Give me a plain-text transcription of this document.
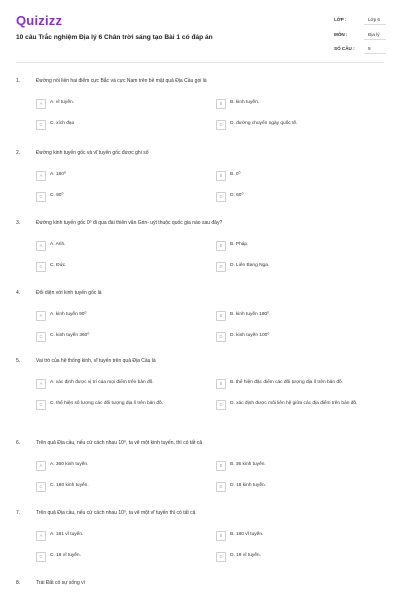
Quizizz
10 câu Trắc nghiệm Địa lý 6 Chân trời sáng tạo Bài 1 có đáp án
LỚP :	Lớp 6
MÔN :	Địa lý
SỐ CÂU :	9
1.	Đường nối liền hai điểm cực Bắc và cực Nam trên bề mặt quả Địa Cầu gọi là
A	A. vĩ tuyến.	B	B. kinh tuyến.
C	C. xích đạo	D	D. đường chuyển ngày quốc tế.
2.	Đường kinh tuyến gốc và vĩ tuyến gốc được ghi số
A	A. 180⁰	B	B. 0⁰
C	C. 90⁰	D	D. 60⁰
3.	Đường kinh tuyến gốc 0⁰ đi qua đài thiên văn Grin- uýt thuộc quốc gia nào sau đây?
A	A. Anh.	B	B. Pháp.
C	C. Đức.	D	D. Liên Bang Nga.
4.	Đối diện với kinh tuyến gốc là
A	A. kinh tuyến 90⁰	B	B. kinh tuyến 180⁰
C	C. kinh tuyến 360⁰	D	D. kinh tuyến 100⁰
5.	Vai trò của hệ thống kinh, vĩ tuyến trên quả Địa Cầu là
A	A. xác định được vị trí của mọi điểm trên bản đồ.	B	B. thể hiện đặc điểm các đối tượng địa lí trên bản đồ.
C	C. thể hiện số lượng các đối tượng địa lí trên bản đồ.	D	D. xác định được mối liên hệ giữa các địa điểm trên bản đồ.
6.	Trên quả Địa cầu, nếu cứ cách nhau 10⁰, ta vẽ một kinh tuyến, thì có tất cả
A	A. 360 kinh tuyến.	B	B. 36 kinh tuyến.
C	C. 180 kinh tuyến.	D	D. 18 kinh tuyến.
7.	Trên quả Địa cầu, nếu cứ cách nhau 10⁰, ta vẽ một vĩ tuyến thì có tất cả
A	A. 181 vĩ tuyến.	B	B. 180 vĩ tuyến.
C	C. 18 vĩ tuyến.	D	D. 19 vĩ tuyến.
8.	Trái Đất có sự sống vì
